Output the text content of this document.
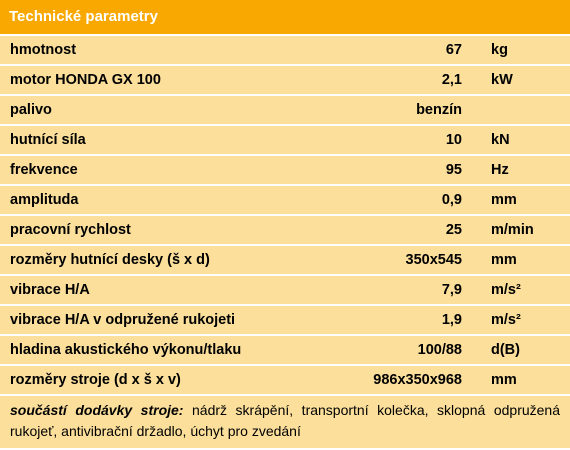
Technické parametry
hmotnost	67 kg
motor HONDA GX 100	2,1 kW
palivo	benzín
hutnící síla	10 kN
frekvence	95 Hz
amplituda	0,9 mm
pracovní rychlost	25 m/min
rozměry hutnící desky (š x d)	350x545 mm
vibrace H/A	7,9 m/s²
vibrace H/A v odpružené rukojeti	1,9 m/s²
hladina akustického výkonu/tlaku	100/88 d(B)
rozměry stroje (d x š x v)	986x350x968 mm
součástí dodávky stroje: nádrž skrápění, transportní kolečka, sklopná odpružená rukojeť, antivibrační držadlo, úchyt pro zvedání
